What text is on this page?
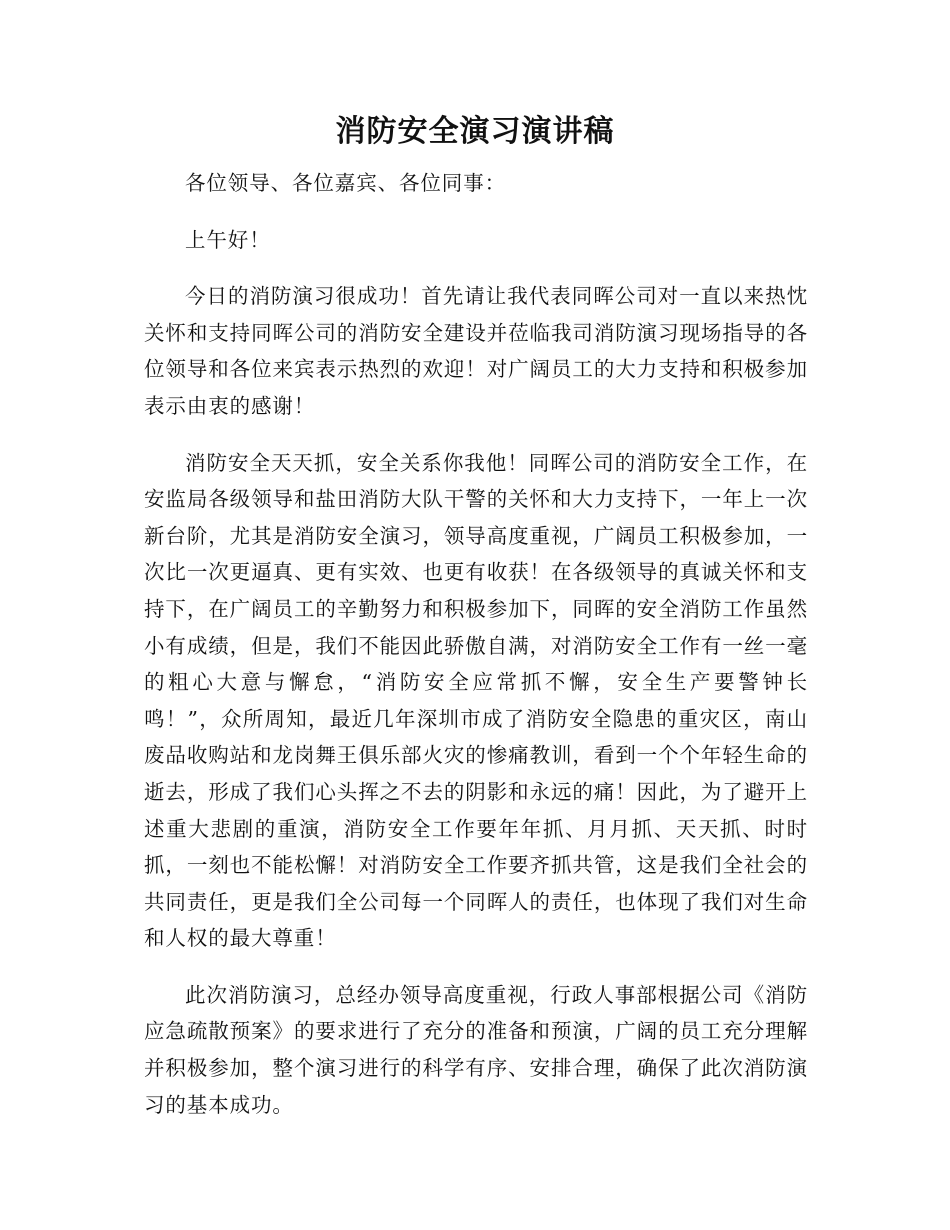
消防安全演习演讲稿

各位领导、各位嘉宾、各位同事：

上午好！

今日的消防演习很成功！首先请让我代表同晖公司对一直以来热忱关怀和支持同晖公司的消防安全建设并莅临我司消防演习现场指导的各位领导和各位来宾表示热烈的欢迎！对广阔员工的大力支持和积极参加表示由衷的感谢！

消防安全天天抓，安全关系你我他！同晖公司的消防安全工作，在安监局各级领导和盐田消防大队干警的关怀和大力支持下，一年上一次新台阶，尤其是消防安全演习，领导高度重视，广阔员工积极参加，一次比一次更逼真、更有实效、也更有收获！在各级领导的真诚关怀和支持下，在广阔员工的辛勤努力和积极参加下，同晖的安全消防工作虽然小有成绩，但是，我们不能因此骄傲自满，对消防安全工作有一丝一毫的粗心大意与懈怠，“消防安全应常抓不懈，安全生产要警钟长鸣！”，众所周知，最近几年深圳市成了消防安全隐患的重灾区，南山废品收购站和龙岗舞王俱乐部火灾的惨痛教训，看到一个个年轻生命的逝去，形成了我们心头挥之不去的阴影和永远的痛！因此，为了避开上述重大悲剧的重演，消防安全工作要年年抓、月月抓、天天抓、时时抓，一刻也不能松懈！对消防安全工作要齐抓共管，这是我们全社会的共同责任，更是我们全公司每一个同晖人的责任，也体现了我们对生命和人权的最大尊重！

此次消防演习，总经办领导高度重视，行政人事部根据公司《消防应急疏散预案》的要求进行了充分的准备和预演，广阔的员工充分理解并积极参加，整个演习进行的科学有序、安排合理，确保了此次消防演习的基本成功。
